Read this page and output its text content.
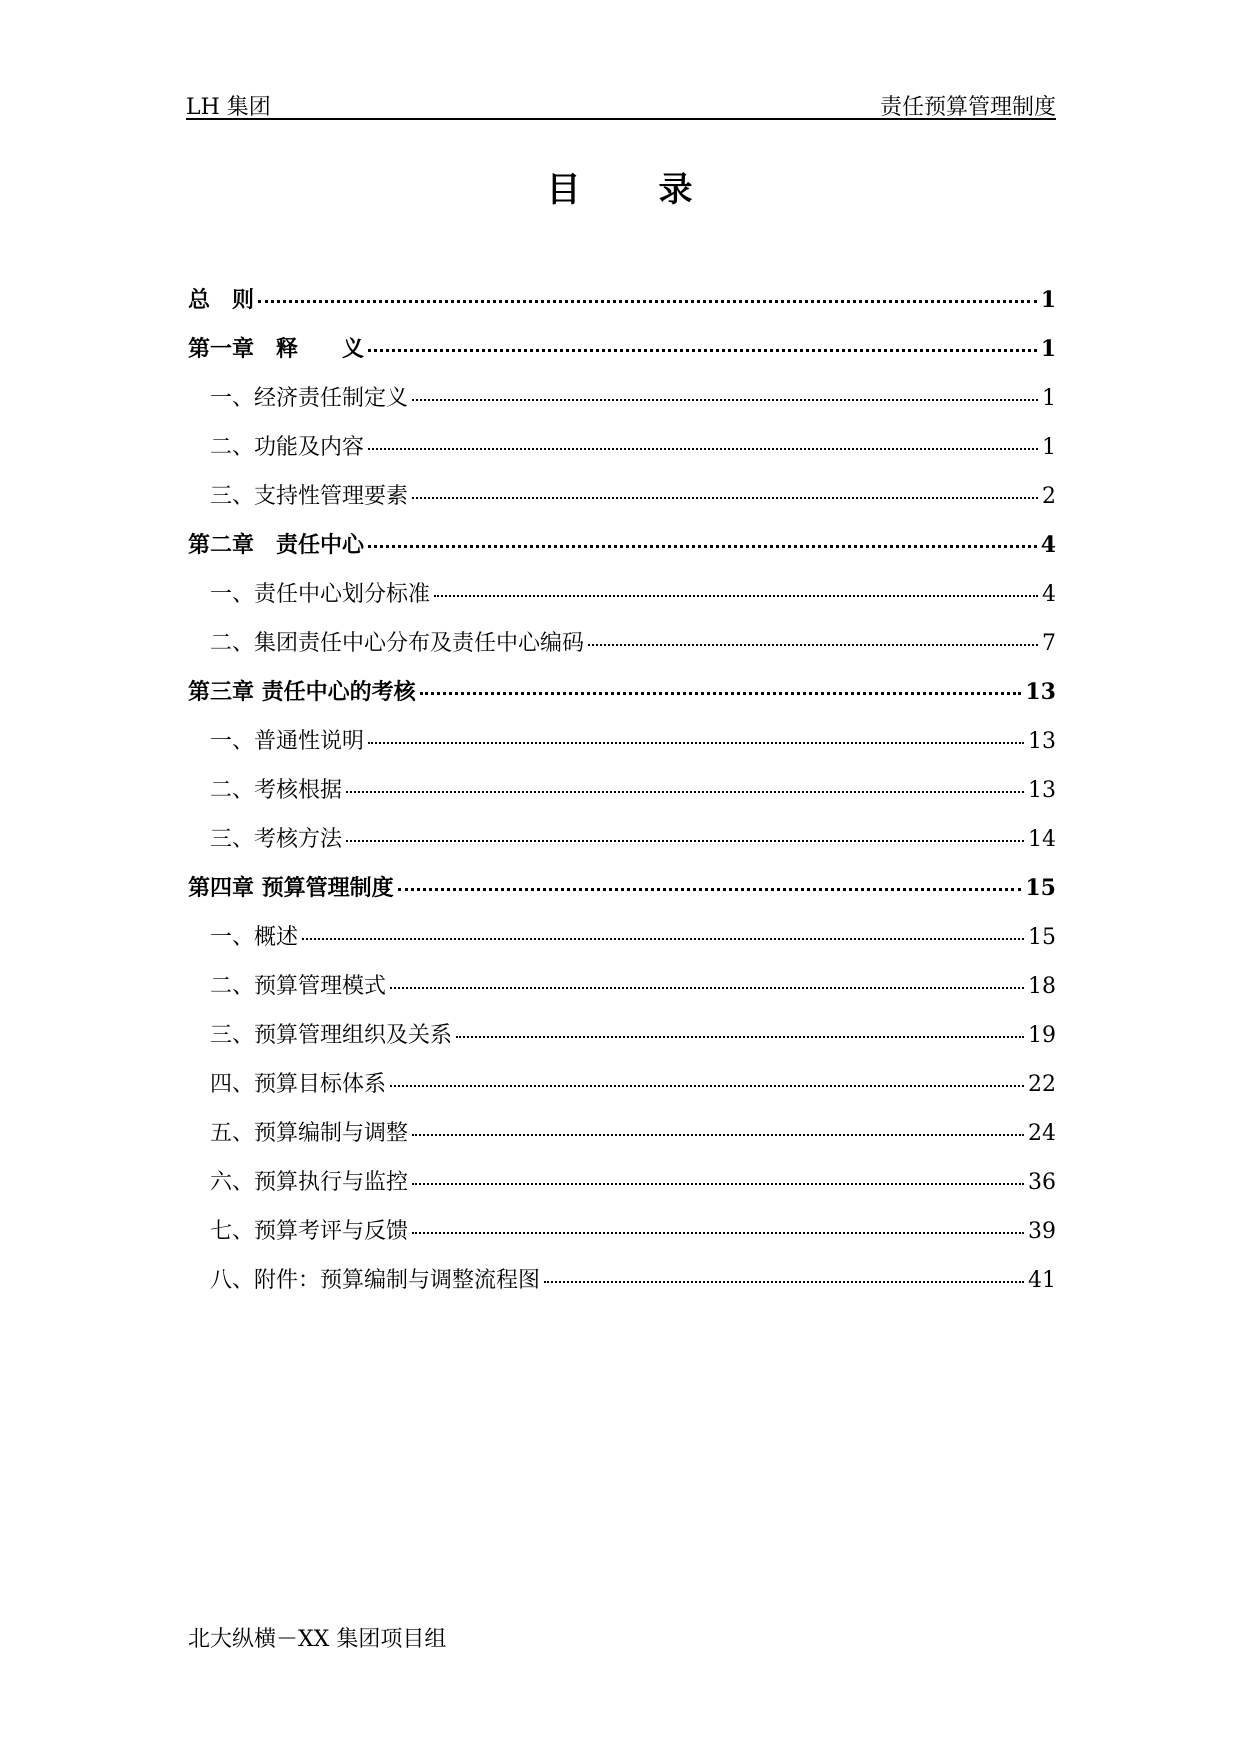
LH 集团	责任预算管理制度
目 录
总　则	1
第一章　释　　义	1
一、经济责任制定义	1
二、功能及内容	1
三、支持性管理要素	2
第二章　责任中心	4
一、责任中心划分标准	4
二、集团责任中心分布及责任中心编码	7
第三章 责任中心的考核	13
一、普通性说明	13
二、考核根据	13
三、考核方法	14
第四章 预算管理制度	15
一、概述	15
二、预算管理模式	18
三、预算管理组织及关系	19
四、预算目标体系	22
五、预算编制与调整	24
六、预算执行与监控	36
七、预算考评与反馈	39
八、附件：预算编制与调整流程图	41
北大纵横－XX 集团项目组
